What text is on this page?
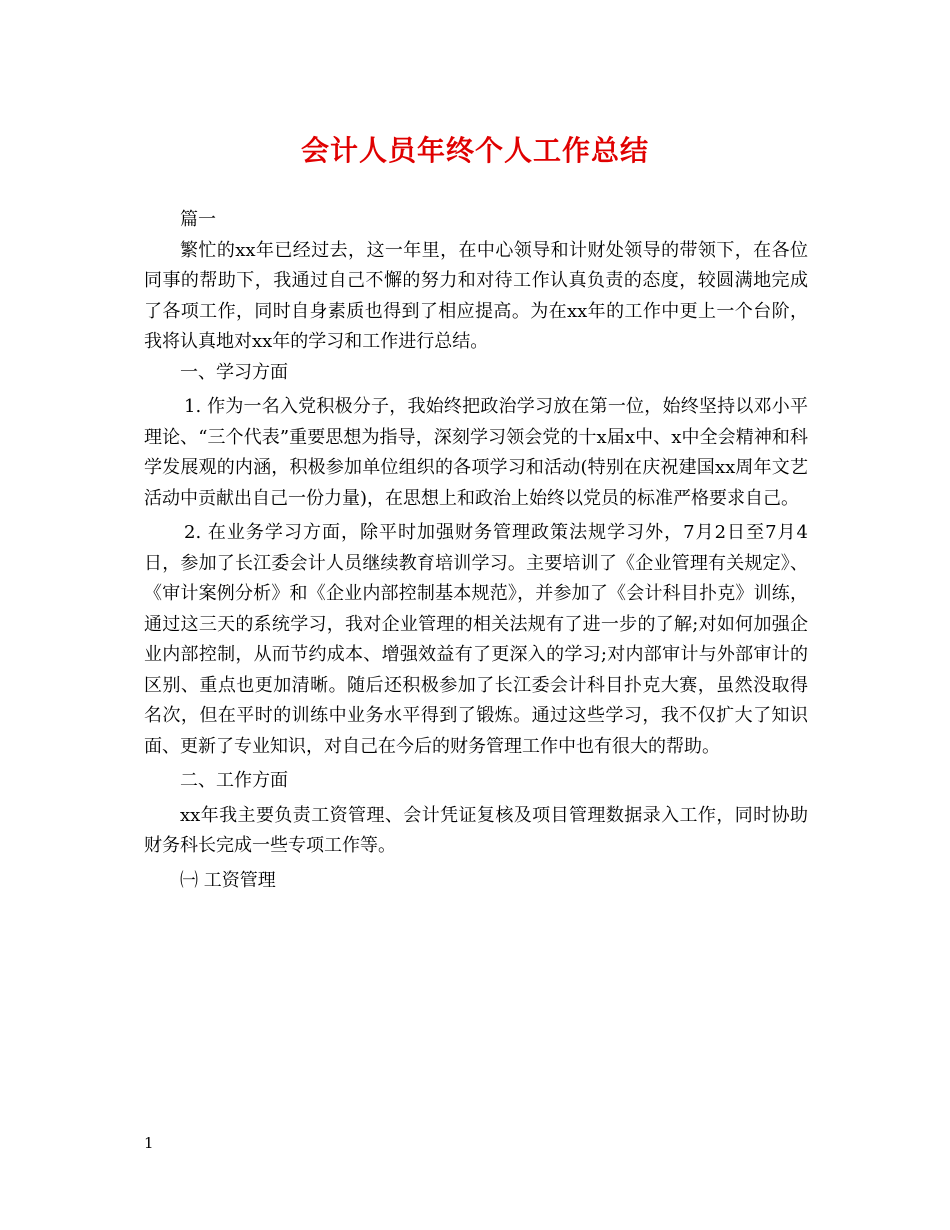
会计人员年终个人工作总结

篇一

繁忙的xx年已经过去，这一年里，在中心领导和计财处领导的带领下，在各位同事的帮助下，我通过自己不懈的努力和对待工作认真负责的态度，较圆满地完成了各项工作，同时自身素质也得到了相应提高。为在xx年的工作中更上一个台阶，我将认真地对xx年的学习和工作进行总结。

一、学习方面

1. 作为一名入党积极分子，我始终把政治学习放在第一位，始终坚持以邓小平理论、“三个代表”重要思想为指导，深刻学习领会党的十x届x中、x中全会精神和科学发展观的内涵，积极参加单位组织的各项学习和活动(特别在庆祝建国xx周年文艺活动中贡献出自己一份力量)，在思想上和政治上始终以党员的标准严格要求自己。

2. 在业务学习方面，除平时加强财务管理政策法规学习外，7月2日至7月4日，参加了长江委会计人员继续教育培训学习。主要培训了《企业管理有关规定》、《审计案例分析》和《企业内部控制基本规范》，并参加了《会计科目扑克》训练，通过这三天的系统学习，我对企业管理的相关法规有了进一步的了解;对如何加强企业内部控制，从而节约成本、增强效益有了更深入的学习;对内部审计与外部审计的区别、重点也更加清晰。随后还积极参加了长江委会计科目扑克大赛，虽然没取得名次，但在平时的训练中业务水平得到了锻炼。通过这些学习，我不仅扩大了知识面、更新了专业知识，对自己在今后的财务管理工作中也有很大的帮助。

二、工作方面

xx年我主要负责工资管理、会计凭证复核及项目管理数据录入工作，同时协助财务科长完成一些专项工作等。

㈠ 工资管理

1
